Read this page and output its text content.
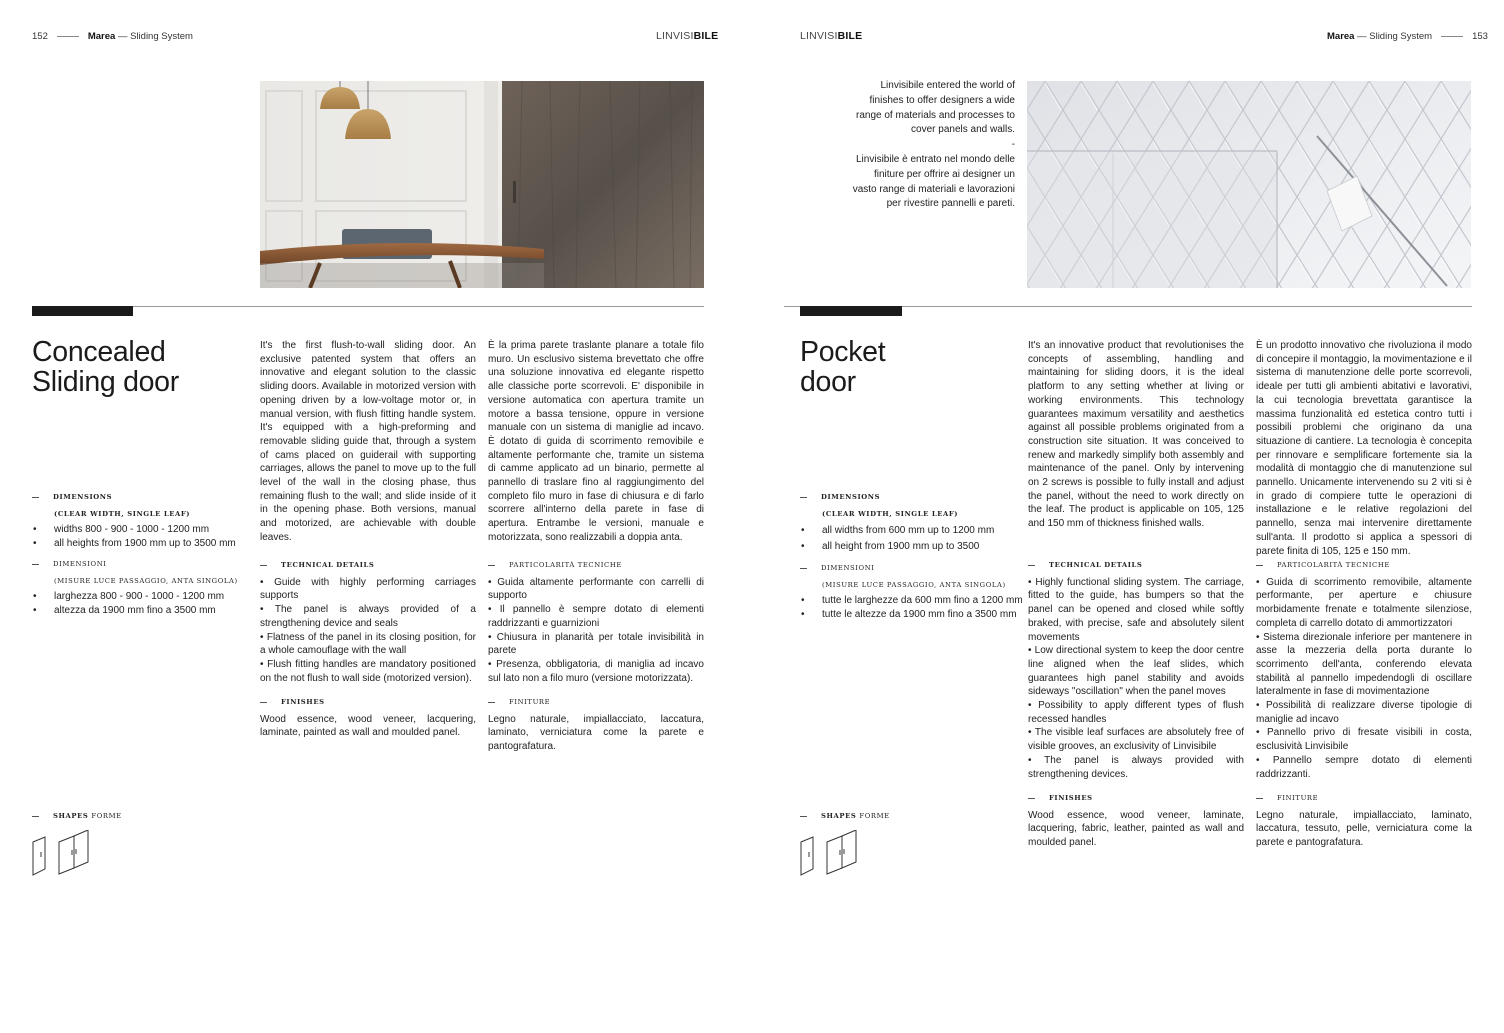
152	Marea — Sliding System	LINVISIBILE
Concealed
Sliding door

It's the first flush-to-wall sliding door. An exclusive patented system that offers an innovative and elegant solution to the classic sliding doors. Available in motorized version with opening driven by a low-voltage motor or, in manual version, with flush fitting handle system. It's equipped with a high-preforming and removable sliding guide that, through a system of cams placed on guiderail with supporting carriages, allows the panel to move up to the full level of the wall in the closing phase, thus remaining flush to the wall; and slide inside of it in the opening phase. Both versions, manual and motorized, are achievable with double leaves.

È la prima parete traslante planare a totale filo muro. Un esclusivo sistema brevettato che offre una soluzione innovativa ed elegante rispetto alle classiche porte scorrevoli. E' disponibile in versione automatica con apertura tramite un motore a bassa tensione, oppure in versione manuale con un sistema di maniglie ad incavo. È dotato di guida di scorrimento removibile e altamente performante che, tramite un sistema di camme applicato ad un binario, permette al pannello di traslare fino al raggiungimento del completo filo muro in fase di chiusura e di farlo scorrere all'interno della parete in fase di apertura. Entrambe le versioni, manuale e motorizzata, sono realizzabili a doppia anta.

DIMENSIONS
(CLEAR WIDTH, SINGLE LEAF)
• widths 800 - 900 - 1000 - 1200 mm
• all heights from 1900 mm up to 3500 mm
DIMENSIONI
(MISURE LUCE PASSAGGIO, ANTA SINGOLA)
• larghezza 800 - 900 - 1000 - 1200 mm
• altezza da 1900 mm fino a 3500 mm
TECHNICAL DETAILS

• Guide with highly performing carriages supports

• The panel is always provided of a strengthening device and seals

• Flatness of the panel in its closing position, for a whole camouflage with the wall

• Flush fitting handles are mandatory positioned on the not flush to wall side (motorized version).

PARTICOLARITÀ TECNICHE

• Guida altamente performante con carrelli di supporto

• Il pannello è sempre dotato di elementi raddrizzanti e guarnizioni

• Chiusura in planarità per totale invisibilità in parete

• Presenza, obbligatoria, di maniglia ad incavo sul lato non a filo muro (versione motorizzata).

FINISHES

Wood essence, wood veneer, lacquering, laminate, painted as wall and moulded panel.

FINITURE

Legno naturale, impiallacciato, laccatura, laminato, verniciatura come la parete e pantografatura.

SHAPES FORME
LINVISIBILE	Marea — Sliding System	153
Pocket
door

It's an innovative product that revolutionises the concepts of assembling, handling and maintaining for sliding doors, it is the ideal platform to any setting whether at living or working environments. This technology guarantees maximum versatility and aesthetics against all possible problems originated from a construction site situation. It was conceived to renew and markedly simplify both assembly and maintenance of the panel. Only by intervening on 2 screws is possible to fully install and adjust the panel, without the need to work directly on the leaf. The product is applicable on 105, 125 and 150 mm of thickness finished walls.

È un prodotto innovativo che rivoluziona il modo di concepire il montaggio, la movimentazione e il sistema di manutenzione delle porte scorrevoli, ideale per tutti gli ambienti abitativi e lavorativi, la cui tecnologia brevettata garantisce la massima funzionalità ed estetica contro tutti i possibili problemi che originano da una situazione di cantiere. La tecnologia è concepita per rinnovare e semplificare fortemente sia la modalità di montaggio che di manutenzione sul pannello. Unicamente intervenendo su 2 viti si è in grado di compiere tutte le operazioni di installazione e le relative regolazioni del pannello, senza mai intervenire direttamente sull'anta. Il prodotto si applica a spessori di parete finita di 105, 125 e 150 mm.

DIMENSIONS
(CLEAR WIDTH, SINGLE LEAF)
• all widths from 600 mm up to 1200 mm
• all height from 1900 mm up to 3500
DIMENSIONI
(MISURE LUCE PASSAGGIO, ANTA SINGOLA)
• tutte le larghezze da 600 mm fino a 1200 mm
• tutte le altezze da 1900 mm fino a 3500 mm
TECHNICAL DETAILS

• Highly functional sliding system. The carriage, fitted to the guide, has bumpers so that the panel can be opened and closed while softly braked, with precise, safe and absolutely silent movements

• Low directional system to keep the door centre line aligned when the leaf slides, which guarantees high panel stability and avoids sideways "oscillation" when the panel moves

• Possibility to apply different types of flush recessed handles

• The visible leaf surfaces are absolutely free of visible grooves, an exclusivity of Linvisibile

• The panel is always provided with strengthening devices.

PARTICOLARITÀ TECNICHE

• Guida di scorrimento removibile, altamente performante, per aperture e chiusure morbidamente frenate e totalmente silenziose, completa di carrello dotato di ammortizzatori

• Sistema direzionale inferiore per mantenere in asse la mezzeria della porta durante lo scorrimento dell'anta, conferendo elevata stabilità al pannello impedendogli di oscillare lateralmente in fase di movimentazione

• Possibilità di realizzare diverse tipologie di maniglie ad incavo

• Pannello privo di fresate visibili in costa, esclusività Linvisibile

• Pannello sempre dotato di elementi raddrizzanti.

FINISHES

Wood essence, wood veneer, laminate, lacquering, fabric, leather, painted as wall and moulded panel.

FINITURE

Legno naturale, impiallacciato, laminato, laccatura, tessuto, pelle, verniciatura come la parete e pantografatura.

SHAPES FORME

Linvisibile entered the world of finishes to offer designers a wide range of materials and processes to cover panels and walls.

-

Linvisibile è entrato nel mondo delle finiture per offrire ai designer un vasto range di materiali e lavorazioni per rivestire pannelli e pareti.
